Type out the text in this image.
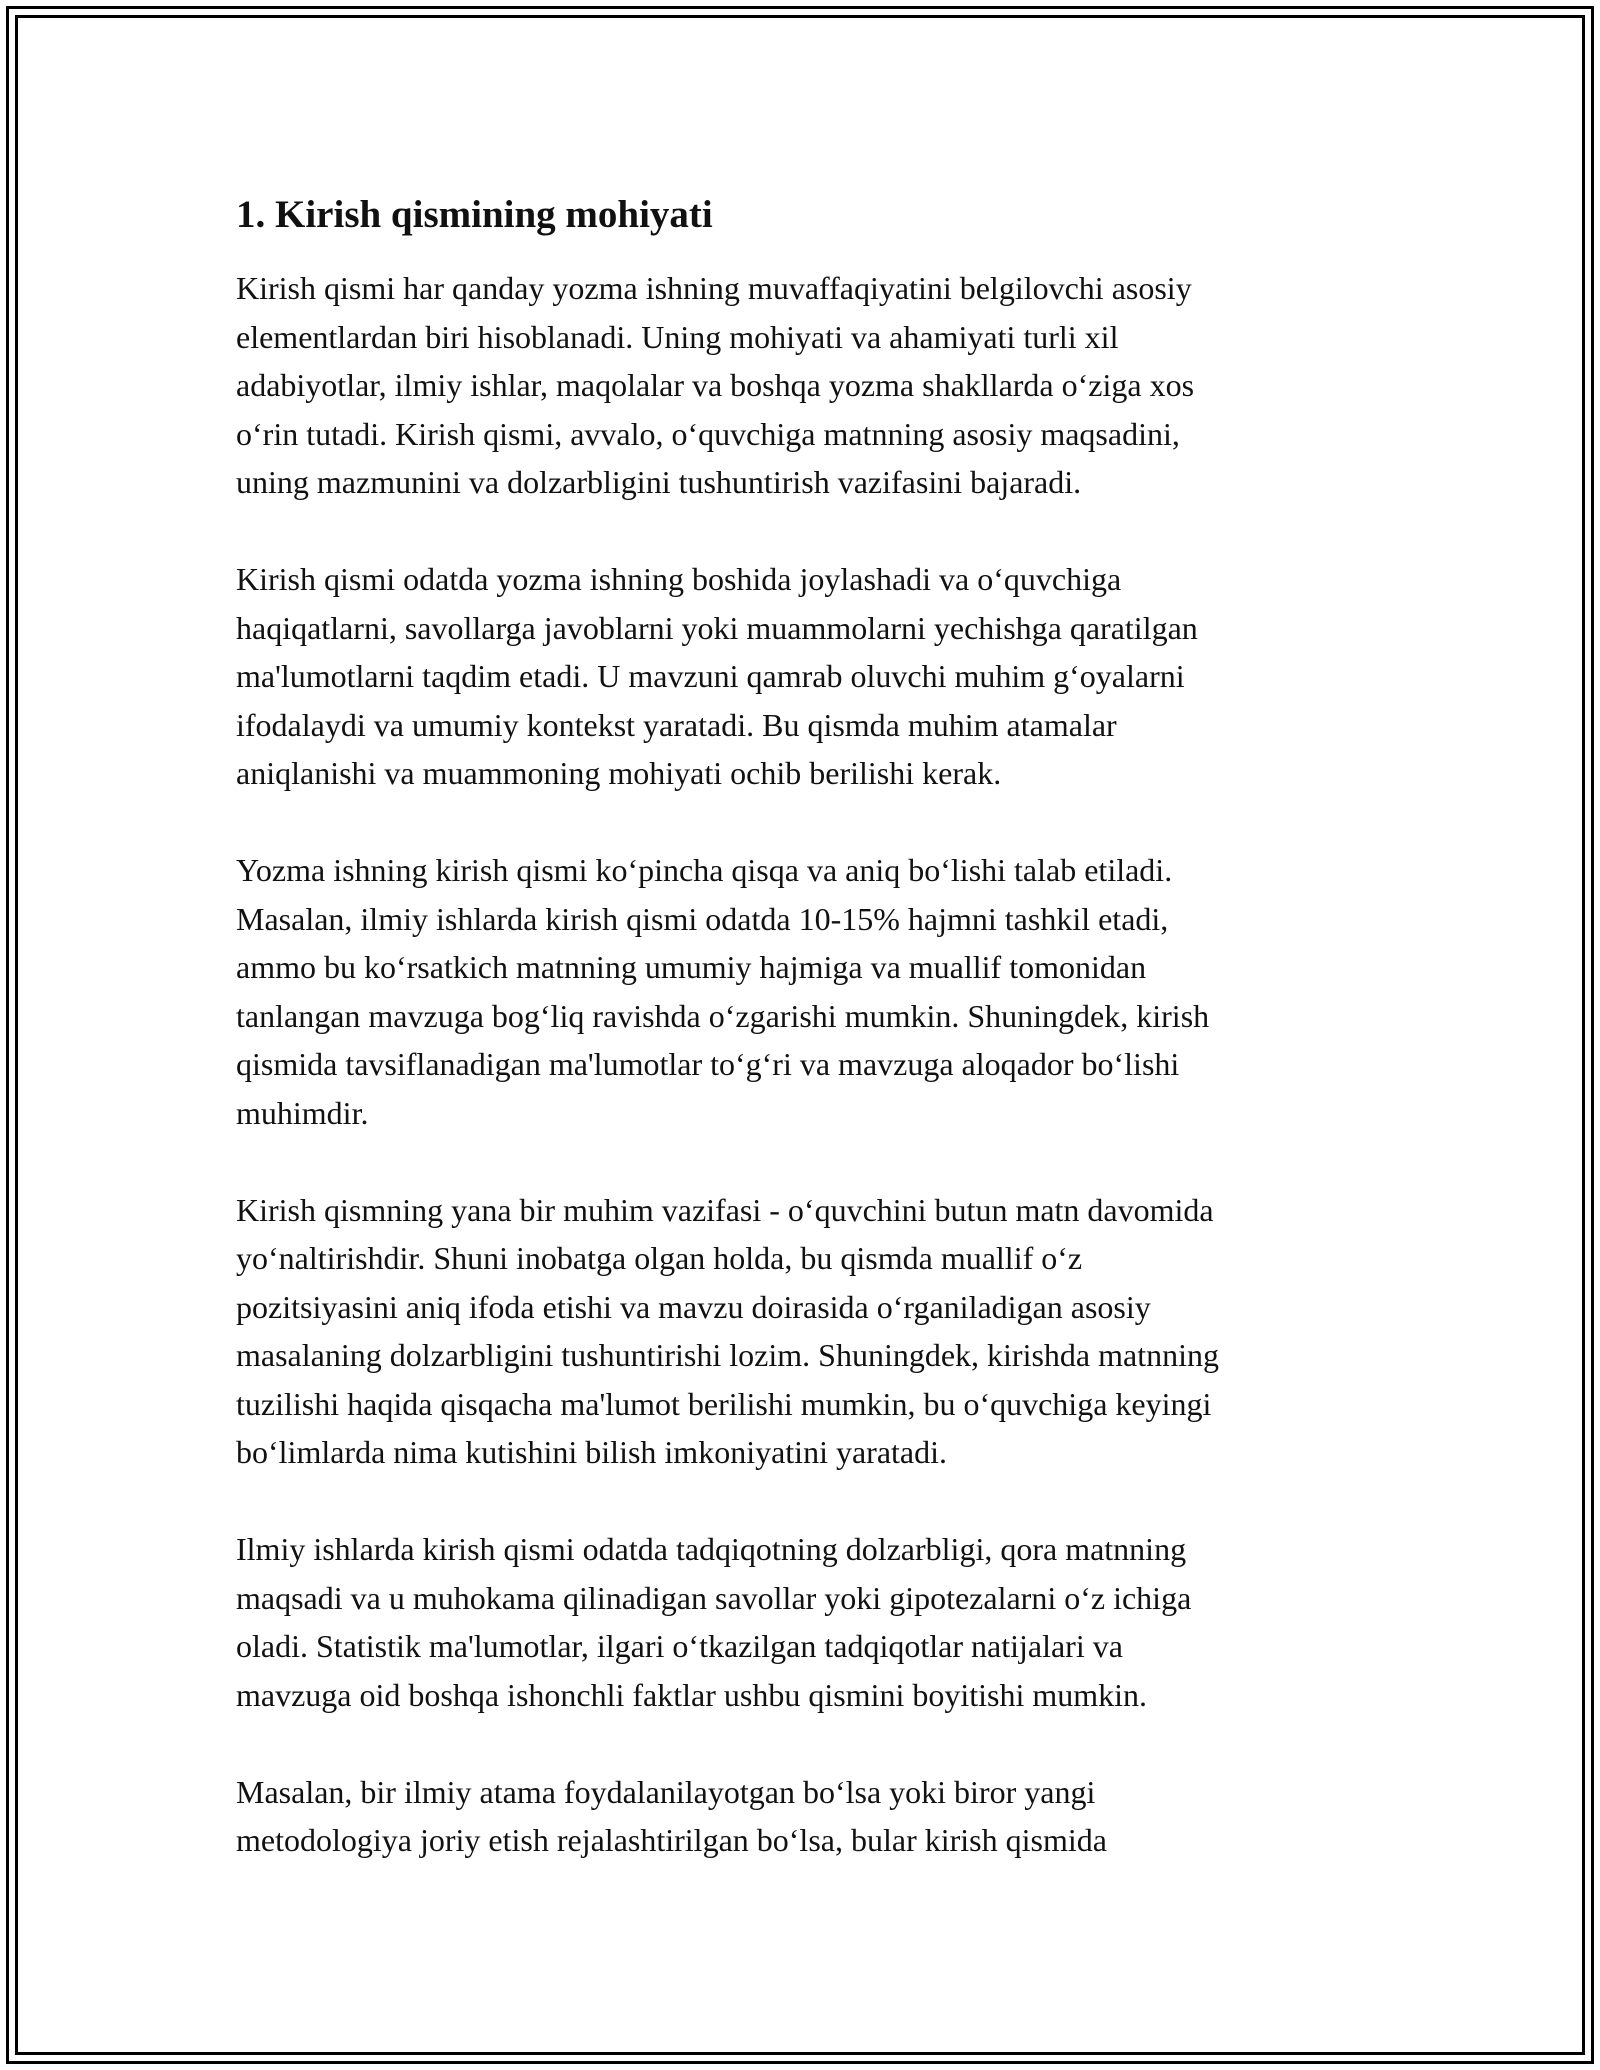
1. Kirish qismining mohiyati

Kirish qismi har qanday yozma ishning muvaffaqiyatini belgilovchi asosiy
elementlardan biri hisoblanadi. Uning mohiyati va ahamiyati turli xil
adabiyotlar, ilmiy ishlar, maqolalar va boshqa yozma shakllarda o‘ziga xos
o‘rin tutadi. Kirish qismi, avvalo, o‘quvchiga matnning asosiy maqsadini,
uning mazmunini va dolzarbligini tushuntirish vazifasini bajaradi.

Kirish qismi odatda yozma ishning boshida joylashadi va o‘quvchiga
haqiqatlarni, savollarga javoblarni yoki muammolarni yechishga qaratilgan
ma'lumotlarni taqdim etadi. U mavzuni qamrab oluvchi muhim g‘oyalarni
ifodalaydi va umumiy kontekst yaratadi. Bu qismda muhim atamalar
aniqlanishi va muammoning mohiyati ochib berilishi kerak.

Yozma ishning kirish qismi ko‘pincha qisqa va aniq bo‘lishi talab etiladi.
Masalan, ilmiy ishlarda kirish qismi odatda 10-15% hajmni tashkil etadi,
ammo bu ko‘rsatkich matnning umumiy hajmiga va muallif tomonidan
tanlangan mavzuga bog‘liq ravishda o‘zgarishi mumkin. Shuningdek, kirish
qismida tavsiflanadigan ma'lumotlar to‘g‘ri va mavzuga aloqador bo‘lishi
muhimdir.

Kirish qismning yana bir muhim vazifasi - o‘quvchini butun matn davomida
yo‘naltirishdir. Shuni inobatga olgan holda, bu qismda muallif o‘z
pozitsiyasini aniq ifoda etishi va mavzu doirasida o‘rganiladigan asosiy
masalaning dolzarbligini tushuntirishi lozim. Shuningdek, kirishda matnning
tuzilishi haqida qisqacha ma'lumot berilishi mumkin, bu o‘quvchiga keyingi
bo‘limlarda nima kutishini bilish imkoniyatini yaratadi.

Ilmiy ishlarda kirish qismi odatda tadqiqotning dolzarbligi, qora matnning
maqsadi va u muhokama qilinadigan savollar yoki gipotezalarni o‘z ichiga
oladi. Statistik ma'lumotlar, ilgari o‘tkazilgan tadqiqotlar natijalari va
mavzuga oid boshqa ishonchli faktlar ushbu qismini boyitishi mumkin.

Masalan, bir ilmiy atama foydalanilayotgan bo‘lsa yoki biror yangi
metodologiya joriy etish rejalashtirilgan bo‘lsa, bular kirish qismida
